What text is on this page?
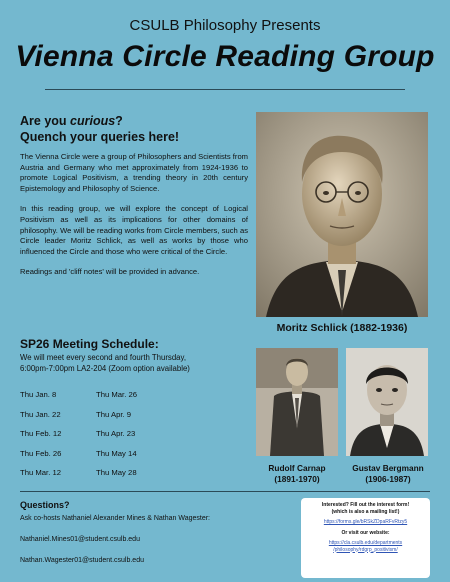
CSULB Philosophy Presents
Vienna Circle Reading Group
Are you curious?
Quench your queries here!

The Vienna Circle were a group of Philosophers and Scientists from Austria and Germany who met approximately from 1924-1936 to promote Logical Positivism, a trending theory in 20th century Epistemology and Philosophy of Science.

In this reading group, we will explore the concept of Logical Positivism as well as its implications for other domains of philosophy. We will be reading works from Circle members, such as Circle leader Moritz Schlick, as well as works by those who influenced the Circle and those who were critical of the Circle.

Readings and 'cliff notes' will be provided in advance.

Moritz Schlick (1882-1936)
Rudolf Carnap
(1891-1970)
Gustav Bergmann
(1906-1987)
SP26 Meeting Schedule:
We will meet every second and fourth Thursday,
6:00pm-7:00pm LA2-204 (Zoom option available)
Thu Jan. 8	Thu Mar. 26
Thu Jan. 22	Thu Apr. 9
Thu Feb. 12	Thu Apr. 23
Thu Feb. 26	Thu May 14
Thu Mar. 12	Thu May 28
Questions?
Ask co-hosts Nathaniel Alexander Mines & Nathan Wagester:
Nathaniel.Mines01@student.csulb.edu
Nathan.Wagester01@student.csulb.edu
Interested? Fill out the interest form!
(which is also a mailing list!)
https://forms.gle/bRSkZDpaRFvRtzy5
Or visit our website:
https://cla.csulb.edu/departments
/philosophy/rdgrp_positivism/
